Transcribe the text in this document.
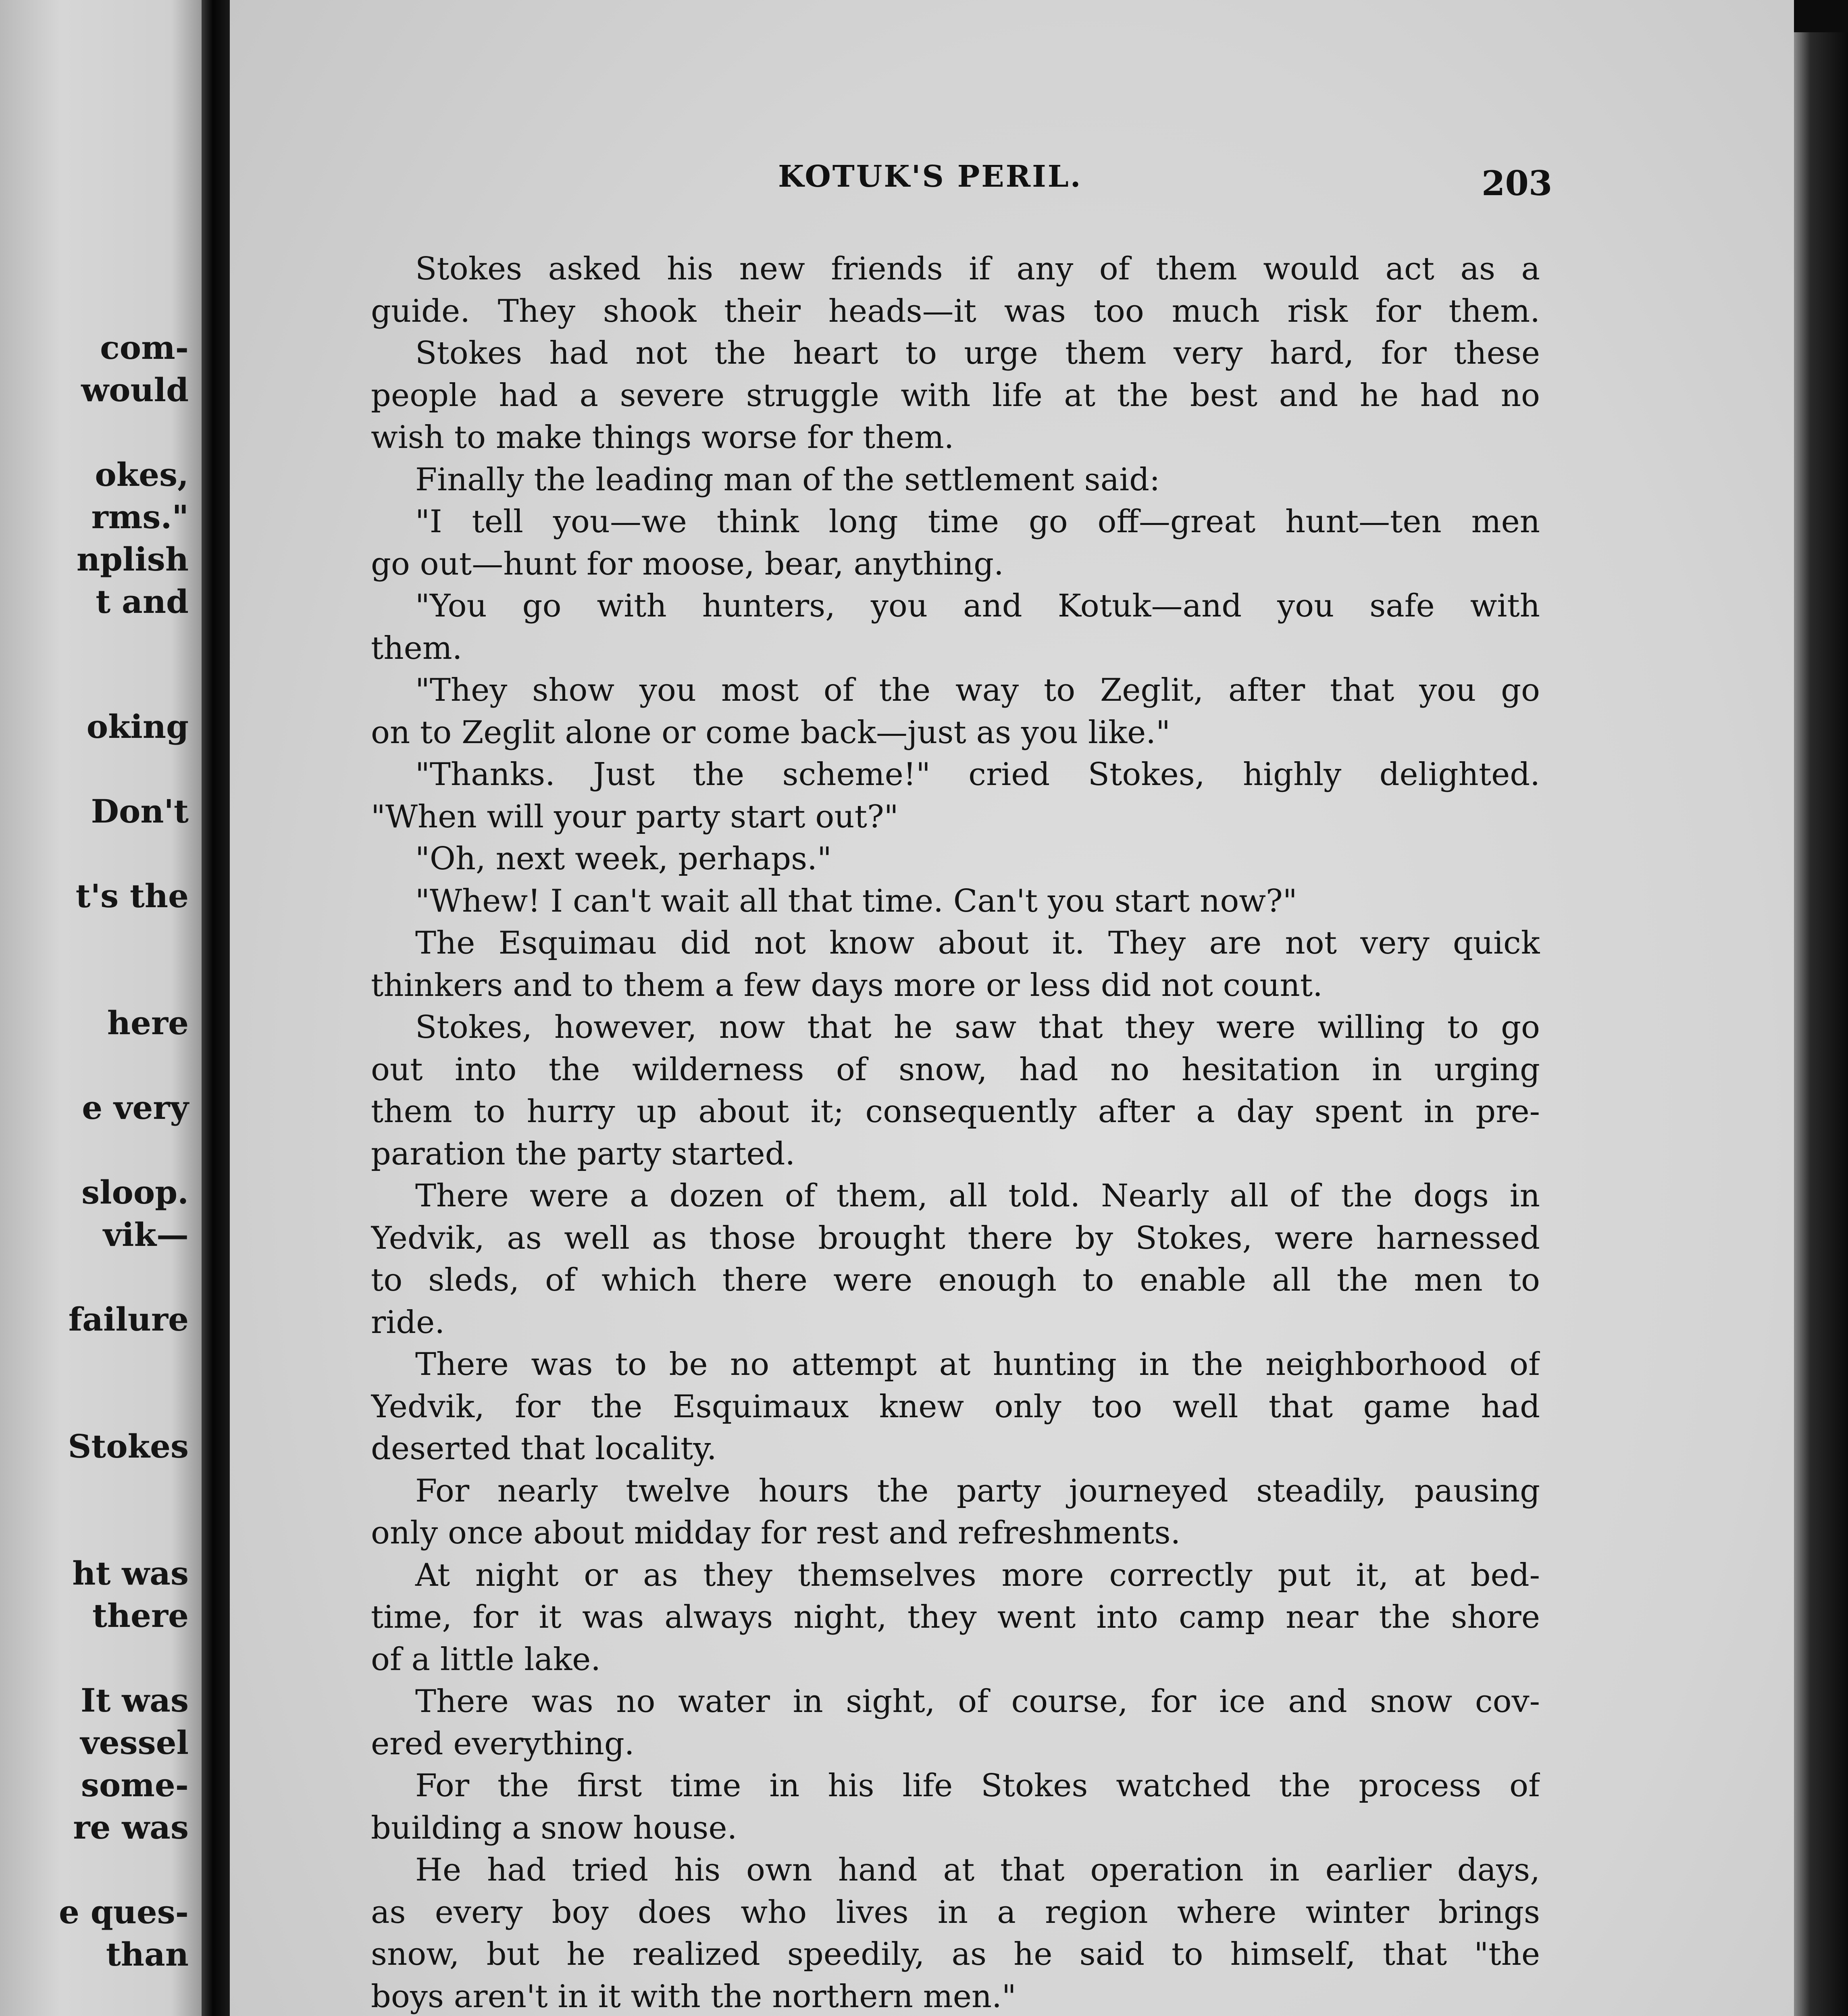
com-
would
okes,
rms."
nplish
t and
oking
Don't
t's the
here
e very
sloop.
vik—
failure
Stokes
ht was
there
It was
vessel
some-
re was
e ques-
than
KOTUK'S PERIL.	203
Stokes asked his new friends if any of them would act as a
guide. They shook their heads—it was too much risk for them.
Stokes had not the heart to urge them very hard, for these
people had a severe struggle with life at the best and he had no
wish to make things worse for them.
Finally the leading man of the settlement said:
"I tell you—we think long time go off—great hunt—ten men
go out—hunt for moose, bear, anything.
"You go with hunters, you and Kotuk—and you safe with
them.
"They show you most of the way to Zeglit, after that you go
on to Zeglit alone or come back—just as you like."
"Thanks. Just the scheme!" cried Stokes, highly delighted.
"When will your party start out?"
"Oh, next week, perhaps."
"Whew! I can't wait all that time. Can't you start now?"
The Esquimau did not know about it. They are not very quick
thinkers and to them a few days more or less did not count.
Stokes, however, now that he saw that they were willing to go
out into the wilderness of snow, had no hesitation in urging
them to hurry up about it; consequently after a day spent in pre-
paration the party started.
There were a dozen of them, all told. Nearly all of the dogs in
Yedvik, as well as those brought there by Stokes, were harnessed
to sleds, of which there were enough to enable all the men to
ride.
There was to be no attempt at hunting in the neighborhood of
Yedvik, for the Esquimaux knew only too well that game had
deserted that locality.
For nearly twelve hours the party journeyed steadily, pausing
only once about midday for rest and refreshments.
At night or as they themselves more correctly put it, at bed-
time, for it was always night, they went into camp near the shore
of a little lake.
There was no water in sight, of course, for ice and snow cov-
ered everything.
For the first time in his life Stokes watched the process of
building a snow house.
He had tried his own hand at that operation in earlier days,
as every boy does who lives in a region where winter brings
snow, but he realized speedily, as he said to himself, that "the
boys aren't in it with the northern men."
